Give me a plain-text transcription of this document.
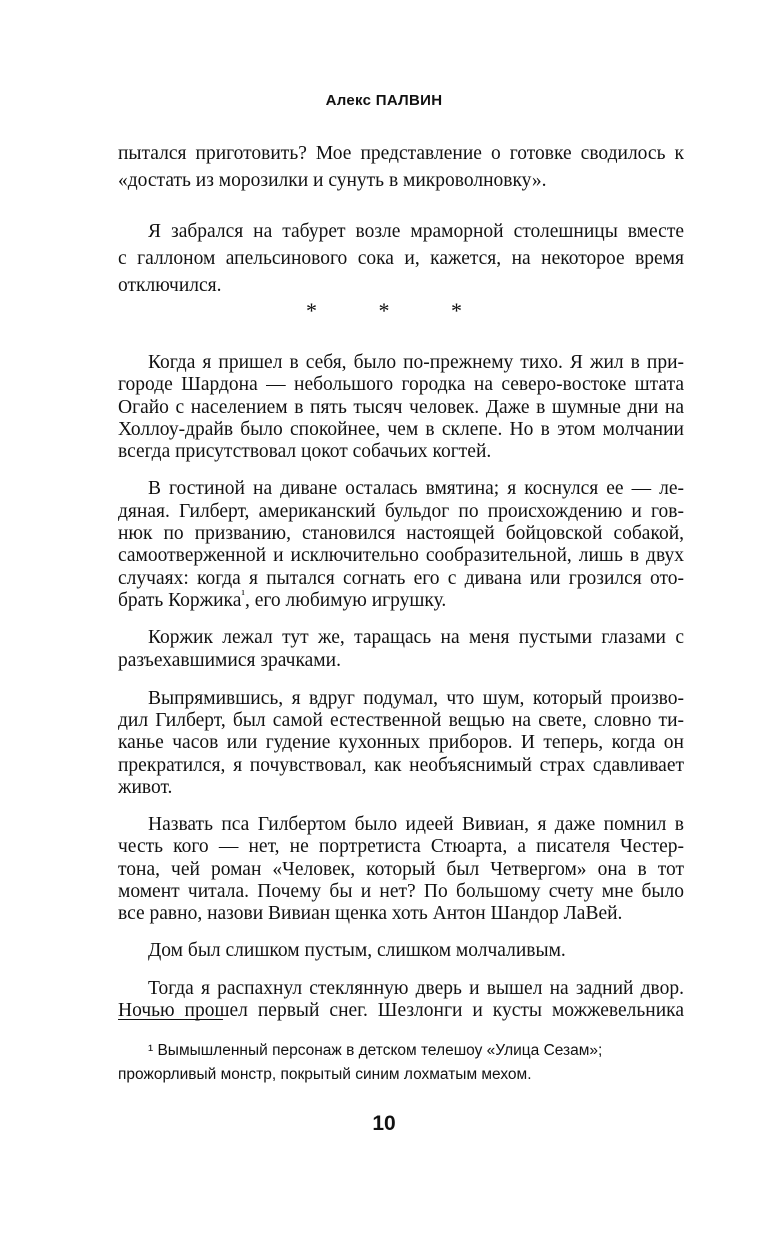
Алекс ПАЛВИН
пытался приготовить? Мое представление о готовке сводилось к
«достать из морозилки и сунуть в микроволновку».
Я забрался на табурет возле мраморной столешницы вместе
с галлоном апельсинового сока и, кажется, на некоторое время
отключился.
* * *
Когда я пришел в себя, было по-прежнему тихо. Я жил в при-
городе Шардона — небольшого городка на северо-востоке штата
Огайо с населением в пять тысяч человек. Даже в шумные дни на
Холлоу-драйв было спокойнее, чем в склепе. Но в этом молчании
всегда присутствовал цокот собачьих когтей.
В гостиной на диване осталась вмятина; я коснулся ее — ле-
дяная. Гилберт, американский бульдог по происхождению и гов-
нюк по призванию, становился настоящей бойцовской собакой,
самоотверженной и исключительно сообразительной, лишь в двух
случаях: когда я пытался согнать его с дивана или грозился ото-
брать Коржика$^{^1}$, его любимую игрушку.
Коржик лежал тут же, таращась на меня пустыми глазами с
разъехавшимися зрачками.
Выпрямившись, я вдруг подумал, что шум, который произво-
дил Гилберт, был самой естественной вещью на свете, словно ти-
канье часов или гудение кухонных приборов. И теперь, когда он
прекратился, я почувствовал, как необъяснимый страх сдавливает
живот.
Назвать пса Гилбертом было идеей Вивиан, я даже помнил в
честь кого — нет, не портретиста Стюарта, а писателя Честер-
тона, чей роман «Человек, который был Четвергом» она в тот
момент читала. Почему бы и нет? По большому счету мне было
все равно, назови Вивиан щенка хоть Антон Шандор ЛаВей.
Дом был слишком пустым, слишком молчаливым.
Тогда я распахнул стеклянную дверь и вышел на задний двор.
Ночью прошел первый снег. Шезлонги и кусты можжевельника
¹ Вымышленный персонаж в детском телешоу «Улица Сезам»;
прожорливый монстр, покрытый синим лохматым мехом.
10
